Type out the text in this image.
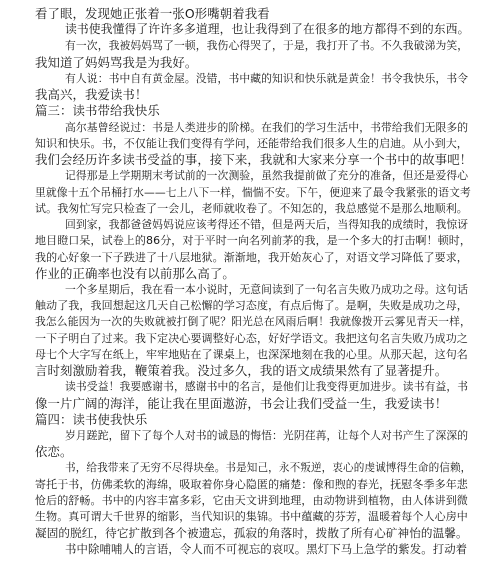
看了眼，发现她正张着一张O形嘴朝着我看
读书使我懂得了许许多多道理，也让我得到了在很多的地方都得不到的东西。
有一次，我被妈妈骂了一顿，我伤心得哭了，于是，我打开了书。不久我破涕为笑，
我知道了妈妈骂我是为我好。
有人说：书中自有黄金屋。没错，书中藏的知识和快乐就是黄金！书令我快乐，书令
我高兴，我爱读书！
篇三：读书带给我快乐
高尔基曾经说过：书是人类进步的阶梯。在我们的学习生活中，书带给我们无限多的
知识和快乐。书，不仅能让我们变得有学问，还能带给我们很多人生的启迪。从小到大，
我们会经历许多读书受益的事，接下来，我就和大家来分享一个书中的故事吧！
记得那是上学期期末考试前的一次测验，虽然我提前做了充分的准备，但还是爱得心
里就像十五个吊桶打水——七上八下一样，惴惴不安。下午，便迎来了最令我紧张的语文考
试。我匆忙写完只检查了一会儿，老师就收卷了。不知怎的，我总感觉不是那么地顺利。
回到家，我都爸爸妈妈说应该考得还不错，但是两天后，当得知我的成绩时，我惊讶
地目瞪口呆，试卷上的86分，对于平时一向名列前茅的我，是一个多大的打击啊！顿时，
我的心好象一下子跌进了十八层地狱。渐渐地，我开始灰心了，对语文学习降低了要求，
作业的正确率也没有以前那么高了。
一个多星期后，我在看一本小说时，无意间读到了一句名言失败乃成功之母。这句话
触动了我，我回想起这几天自己松懈的学习态度，有点后悔了。是啊，失败是成功之母，
我怎么能因为一次的失败就被打倒了呢？阳光总在风雨后啊！我就像拨开云雾见青天一样，
一下子明白了过来。我下定决心要调整好心态，好好学语文。我把这句名言失败乃成功之
母七个大字写在纸上，牢牢地贴在了课桌上，也深深地刻在我的心里。从那天起，这句名
言时刻激励着我，鞭策着我。没过多久，我的语文成绩果然有了显著提升。
读书受益！我要感谢书，感谢书中的名言，是他们让我变得更加进步。读书有益，书
像一片广阔的海洋，能让我在里面遨游，书会让我们受益一生，我爱读书！
篇四：读书使我快乐
岁月蹉跎，留下了每个人对书的诚恳的悔悟：光阴荏苒，让每个人对书产生了深深的
依恋。
书，给我带来了无穷不尽得块垒。书是知己，永不叛逆，衷心的虔诚博得生命的信赖，
寄托于书，仿佛柔软的海绵，吸取着你身心隐匿的痛楚：像和煦的春光，抚慰冬季多年悲
怆后的舒畅。书中的内容丰富多彩，它由天文讲到地理，由动物讲到植物，由人体讲到微
生物。真可谓大千世界的缩影，当代知识的集锦。书中蕴藏的芬芳，温暖着每个人心房中
凝固的脱红，待它扩散到各个被遗忘，孤寂的角落时，拨散了所有心矿神怡的温馨。
书中除哺哺人的言语，令人而不可视忘的哀叹。黑灯下马上急学的紫发。打动着
